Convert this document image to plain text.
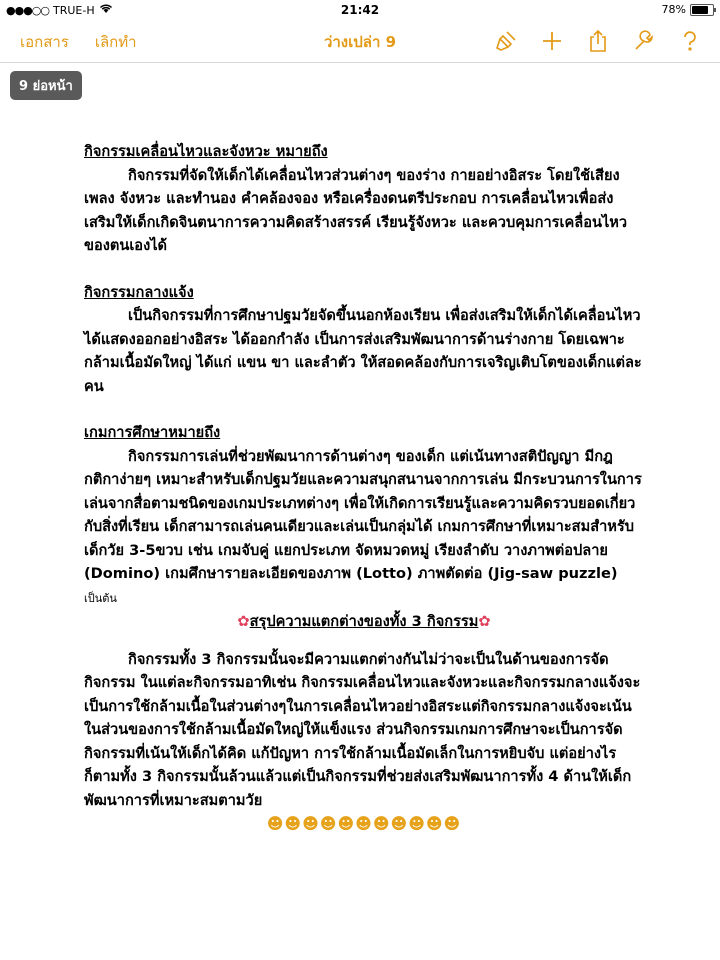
●●●○○ TRUE-H	21:42	78%
เอกสาร เลิกทำ	ว่างเปล่า 9
9 ย่อหน้า

กิจกรรมเคลื่อนไหวและจังหวะ หมายถึง

กิจกรรมที่จัดให้เด็กได้เคลื่อนไหวส่วนต่างๆ ของร่าง กายอย่างอิสระ โดยใช้เสียงเพลง จังหวะ และทำนอง คำคล้องจอง หรือเครื่องดนตรีประกอบ การเคลื่อนไหวเพื่อส่งเสริมให้เด็กเกิดจินตนาการความคิดสร้างสรรค์ เรียนรู้จังหวะ และควบคุมการเคลื่อนไหวของตนเองได้

กิจกรรมกลางแจ้ง

เป็นกิจกรรมที่การศึกษาปฐมวัยจัดขึ้นนอกห้องเรียน เพื่อส่งเสริมให้เด็กได้เคลื่อนไหว ได้แสดงออกอย่างอิสระ ได้ออกกำลัง เป็นการส่งเสริมพัฒนาการด้านร่างกาย โดยเฉพาะกล้ามเนื้อมัดใหญ่ ได้แก่ แขน ขา และลำตัว ให้สอดคล้องกับการเจริญเติบโตของเด็กแต่ละคน

เกมการศึกษาหมายถึง

กิจกรรมการเล่นที่ช่วยพัฒนาการด้านต่างๆ ของเด็ก แต่เน้นทางสติปัญญา มีกฎกติกาง่ายๆ เหมาะสำหรับเด็กปฐมวัยและความสนุกสนานจากการเล่น มีกระบวนการในการเล่นจากสื่อตามชนิดของเกมประเภทต่างๆ เพื่อให้เกิดการเรียนรู้และความคิดรวบยอดเกี่ยวกับสิ่งที่เรียน เด็กสามารถเล่นคนเดียวและเล่นเป็นกลุ่มได้ เกมการศึกษาที่เหมาะสมสำหรับเด็กวัย 3-5ขวบ เช่น เกมจับคู่ แยกประเภท จัดหมวดหมู่ เรียงลำดับ วางภาพต่อปลาย (Domino) เกมศึกษารายละเอียดของภาพ (Lotto) ภาพตัดต่อ (Jig-saw puzzle) เป็นต้น

✿สรุปความแตกต่างของทั้ง 3 กิจกรรม✿

กิจกรรมทั้ง 3 กิจกรรมนั้นจะมีความแตกต่างกันไม่ว่าจะเป็นในด้านของการจัดกิจกรรม ในแต่ละกิจกรรมอาทิเช่น กิจกรรมเคลื่อนไหวและจังหวะและกิจกรรมกลางแจ้งจะเป็นการใช้กล้ามเนื้อในส่วนต่างๆในการเคลื่อนไหวอย่างอิสระแต่กิจกรรมกลางแจ้งจะเน้นในส่วนของการใช้กล้ามเนื้อมัดใหญ่ให้แข็งแรง ส่วนกิจกรรมเกมการศึกษาจะเป็นการจัดกิจกรรมที่เน้นให้เด็กได้คิด แก้ปัญหา การใช้กล้ามเนื้อมัดเล็กในการหยิบจับ แต่อย่างไรก็ตามทั้ง 3 กิจกรรมนั้นล้วนแล้วแต่เป็นกิจกรรมที่ช่วยส่งเสริมพัฒนาการทั้ง 4 ด้านให้เด็กพัฒนาการที่เหมาะสมตามวัย

☻☻☻☻☻☻☻☻☻☻☻
